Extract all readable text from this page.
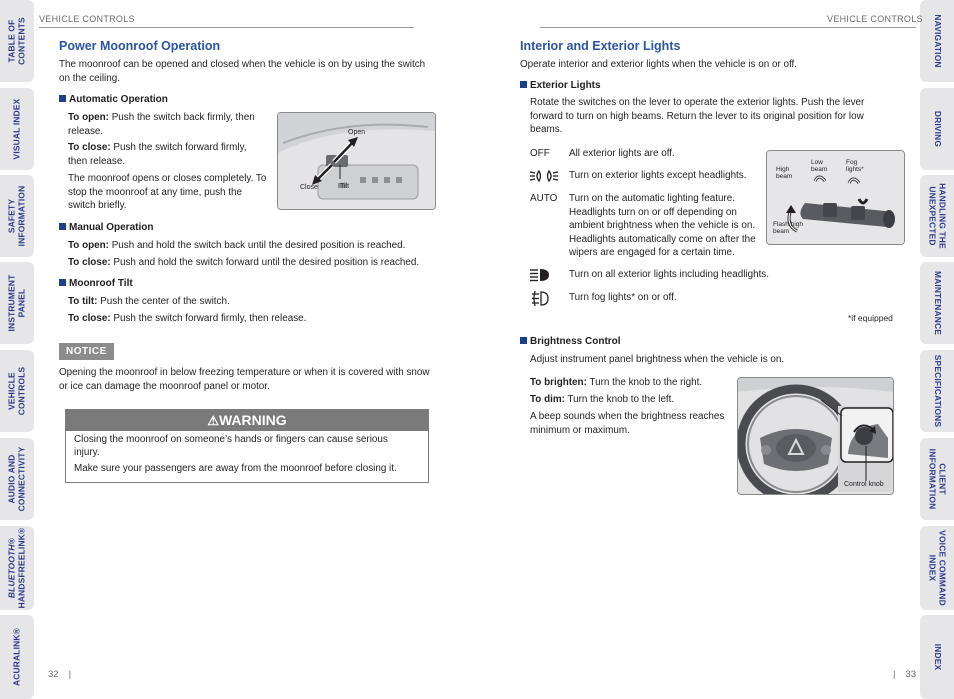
TABLE OF
CONTENTS
VISUAL INDEX
SAFETY
INFORMATION
INSTRUMENT
PANEL
VEHICLE
CONTROLS
AUDIO AND
CONNECTIVITY
BLUETOOTH®
HANDSFREELINK®
ACURALINK®
NAVIGATION
DRIVING
HANDLING THE
UNEXPECTED
MAINTENANCE
SPECIFICATIONS
CLIENT
INFORMATION
VOICE COMMAND
INDEX
INDEX
VEHICLE CONTROLS
Power Moonroof Operation
The moonroof can be opened and closed when the vehicle is on by using the switch on the ceiling.
Automatic Operation
To open: Push the switch back firmly, then release.
To close: Push the switch forward firmly, then release.
The moonroof opens or closes completely. To stop the moonroof at any time, push the switch briefly.
Open
Close	Tilt
Manual Operation
To open: Push and hold the switch back until the desired position is reached.
To close: Push and hold the switch forward until the desired position is reached.
Moonroof Tilt
To tilt: Push the center of the switch.
To close: Push the switch forward firmly, then release.
NOTICE
Opening the moonroof in below freezing temperature or when it is covered with snow or ice can damage the moonroof panel or motor.
⚠WARNING
Closing the moonroof on someone’s hands or fingers can cause serious injury.
Make sure your passengers are away from the moonroof before closing it.
32 |
VEHICLE CONTROLS
Interior and Exterior Lights
Operate interior and exterior lights when the vehicle is on or off.
Exterior Lights
Rotate the switches on the lever to operate the exterior lights. Push the lever forward to turn on high beams. Return the lever to its original position for low beams.
OFF All exterior lights are off.
Turn on exterior lights except headlights.
AUTO Turn on the automatic lighting feature. Headlights turn on or off depending on ambient brightness when the vehicle is on. Headlights automatically come on after the wipers are engaged for a certain time.
Turn on all exterior lights including headlights.
Turn fog lights* on or off.
High beam
Low beam
Fog lights*
Flash high beam
*if equipped
Brightness Control
Adjust instrument panel brightness when the vehicle is on.
To brighten: Turn the knob to the right.
To dim: Turn the knob to the left.
A beep sounds when the brightness reaches minimum or maximum.
Control knob
| 33
